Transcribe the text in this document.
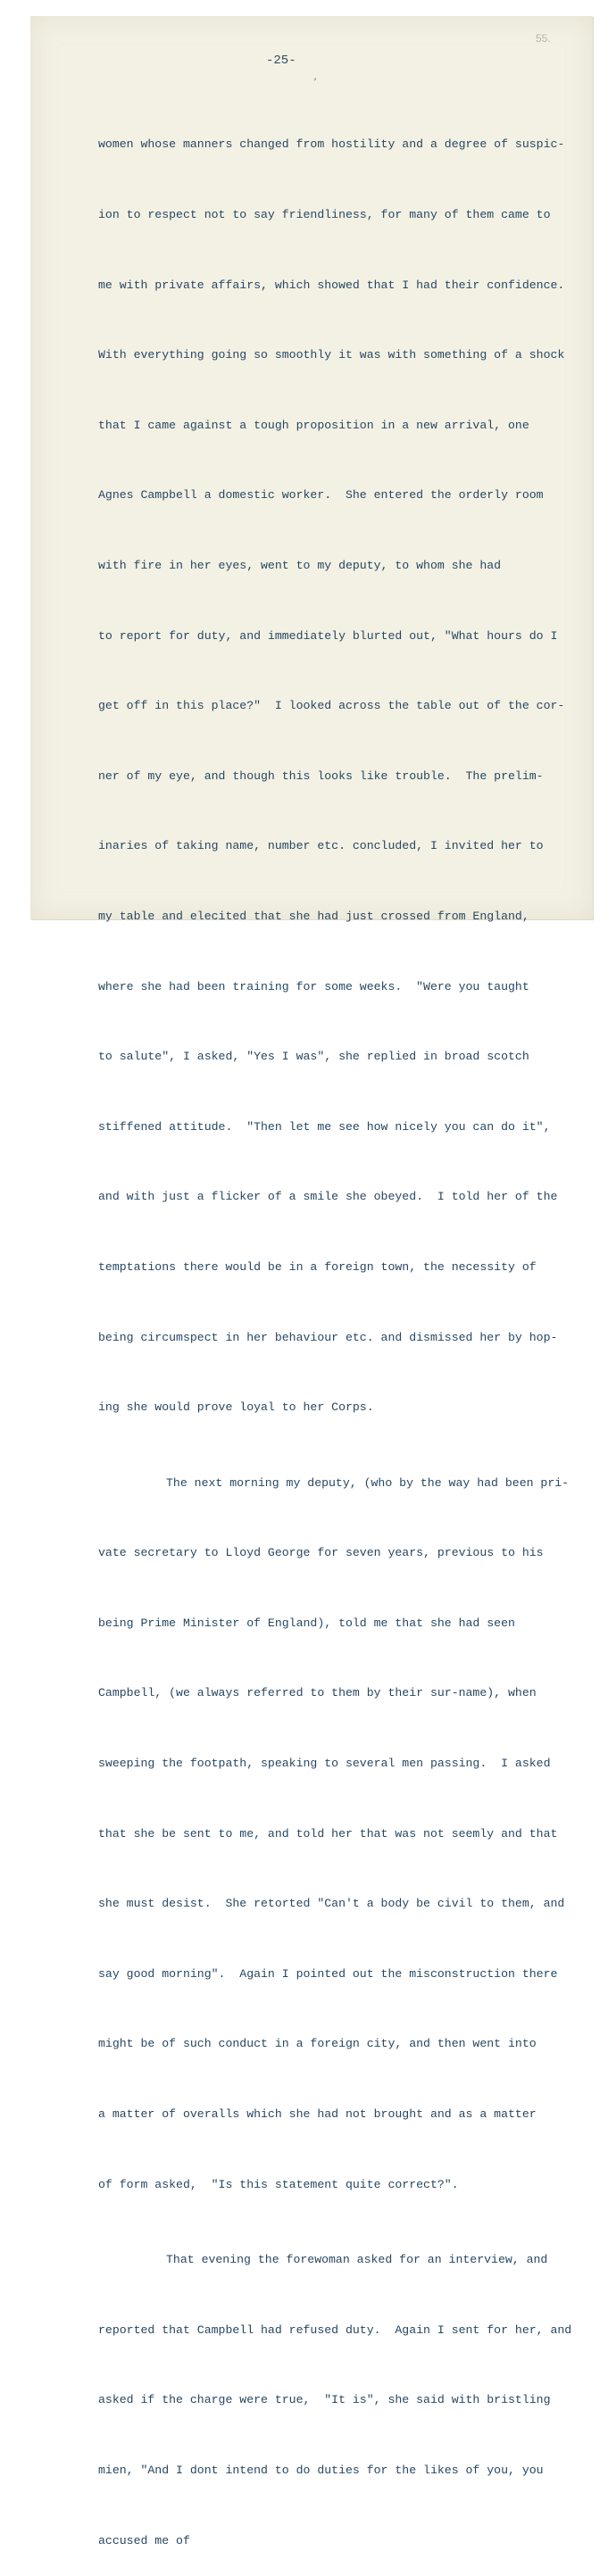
55.
-25-
,

women whose manners changed from hostility and a degree of suspic-

ion to respect not to say friendliness, for many of them came to

me with private affairs, which showed that I had their confidence.

With everything going so smoothly it was with something of a shock

that I came against a tough proposition in a new arrival, one

Agnes Campbell a domestic worker.  She entered the orderly room

with fire in her eyes, went to my deputy, to whom she had

to report for duty, and immediately blurted out, "What hours do I

get off in this place?"  I looked across the table out of the cor-

ner of my eye, and though this looks like trouble.  The prelim-

inaries of taking name, number etc. concluded, I invited her to

my table and elecited that she had just crossed from England,

where she had been training for some weeks.  "Were you taught

to salute", I asked, "Yes I was", she replied in broad scotch

stiffened attitude.  "Then let me see how nicely you can do it",

and with just a flicker of a smile she obeyed.  I told her of the

temptations there would be in a foreign town, the necessity of

being circumspect in her behaviour etc. and dismissed her by hop-

ing she would prove loyal to her Corps.

The next morning my deputy, (who by the way had been pri-

vate secretary to Lloyd George for seven years, previous to his

being Prime Minister of England), told me that she had seen

Campbell, (we always referred to them by their sur-name), when

sweeping the footpath, speaking to several men passing.  I asked

that she be sent to me, and told her that was not seemly and that

she must desist.  She retorted "Can't a body be civil to them, and

say good morning".  Again I pointed out the misconstruction there

might be of such conduct in a foreign city, and then went into

a matter of overalls which she had not brought and as a matter

of form asked,  "Is this statement quite correct?".

That evening the forewoman asked for an interview, and

reported that Campbell had refused duty.  Again I sent for her, and

asked if the charge were true,  "It is", she said with bristling

mien, "And I dont intend to do duties for the likes of you, you

accused me of
